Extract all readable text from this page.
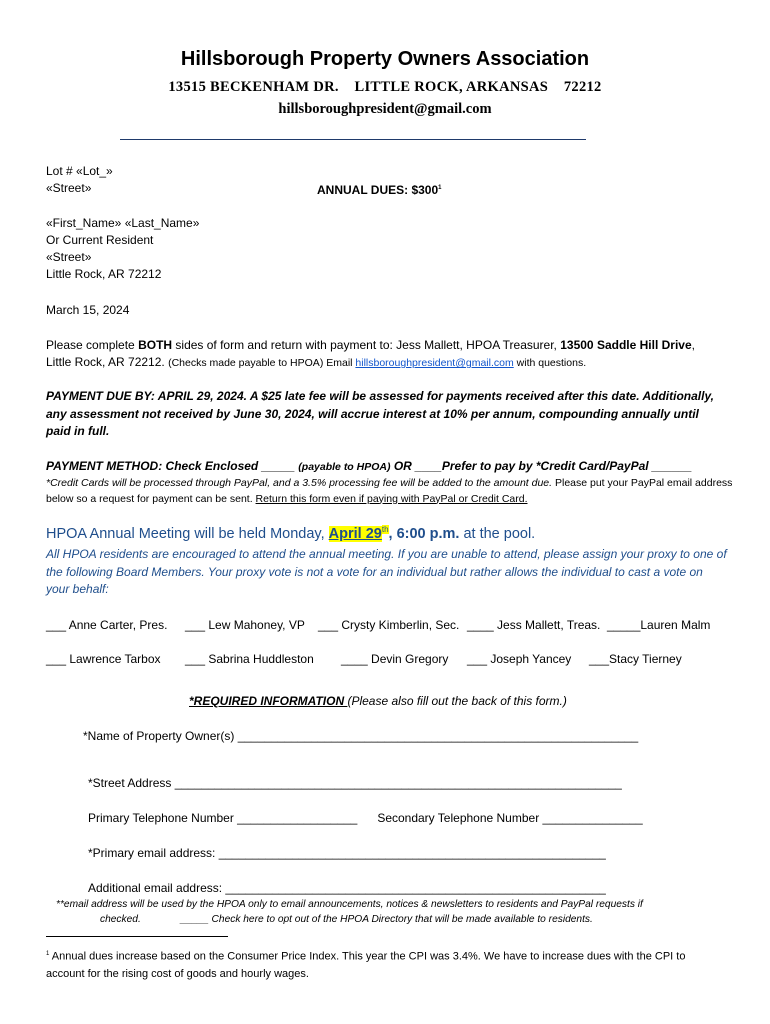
Hillsborough Property Owners Association
13515 BECKENHAM DR.    LITTLE ROCK, ARKANSAS    72212
hillsboroughpresident@gmail.com
Lot # «Lot_»
«Street»	ANNUAL DUES: $\$300^1$
«First_Name» «Last_Name»
Or Current Resident
«Street»
Little Rock, AR 72212
March 15, 2024
Please complete BOTH sides of form and return with payment to: Jess Mallett, HPOA Treasurer, 13500 Saddle Hill Drive,
Little Rock, AR 72212. (Checks made payable to HPOA) Email hillsboroughpresident@gmail.com with questions.
PAYMENT DUE BY: APRIL 29, 2024. A $25 late fee will be assessed for payments received after this date. Additionally, any assessment not received by June 30, 2024, will accrue interest at 10% per annum, compounding annually until paid in full.
PAYMENT METHOD: Check Enclosed _____ (payable to HPOA) OR ____Prefer to pay by *Credit Card/PayPal ______
*Credit Cards will be processed through PayPal, and a 3.5% processing fee will be added to the amount due. Please put your PayPal email address below so a request for payment can be sent. Return this form even if paying with PayPal or Credit Card.
HPOA Annual Meeting will be held Monday, April 29th, 6:00 p.m. at the pool.
All HPOA residents are encouraged to attend the annual meeting. If you are unable to attend, please assign your proxy to one of the following Board Members. Your proxy vote is not a vote for an individual but rather allows the individual to cast a vote on your behalf:
___ Anne Carter, Pres. ___ Lew Mahoney, VP ___ Crysty Kimberlin, Sec. ____ Jess Mallett, Treas. _____Lauren Malm
___ Lawrence Tarbox ___ Sabrina Huddleston ____ Devin Gregory ___ Joseph Yancey ___Stacy Tierney
*REQUIRED INFORMATION (Please also fill out the back of this form.)
*Name of Property Owner(s) ____________________________________________________________
*Street Address ___________________________________________________________________
Primary Telephone Number __________________      Secondary Telephone Number _______________
*Primary email address: __________________________________________________________
Additional email address: _________________________________________________________
**email address will be used by the HPOA only to email announcements, notices & newsletters to residents and PayPal requests if
checked.              _____ Check here to opt out of the HPOA Directory that will be made available to residents.
$^1$ Annual dues increase based on the Consumer Price Index. This year the CPI was 3.4%. We have to increase dues with the CPI to account for the rising cost of goods and hourly wages.
